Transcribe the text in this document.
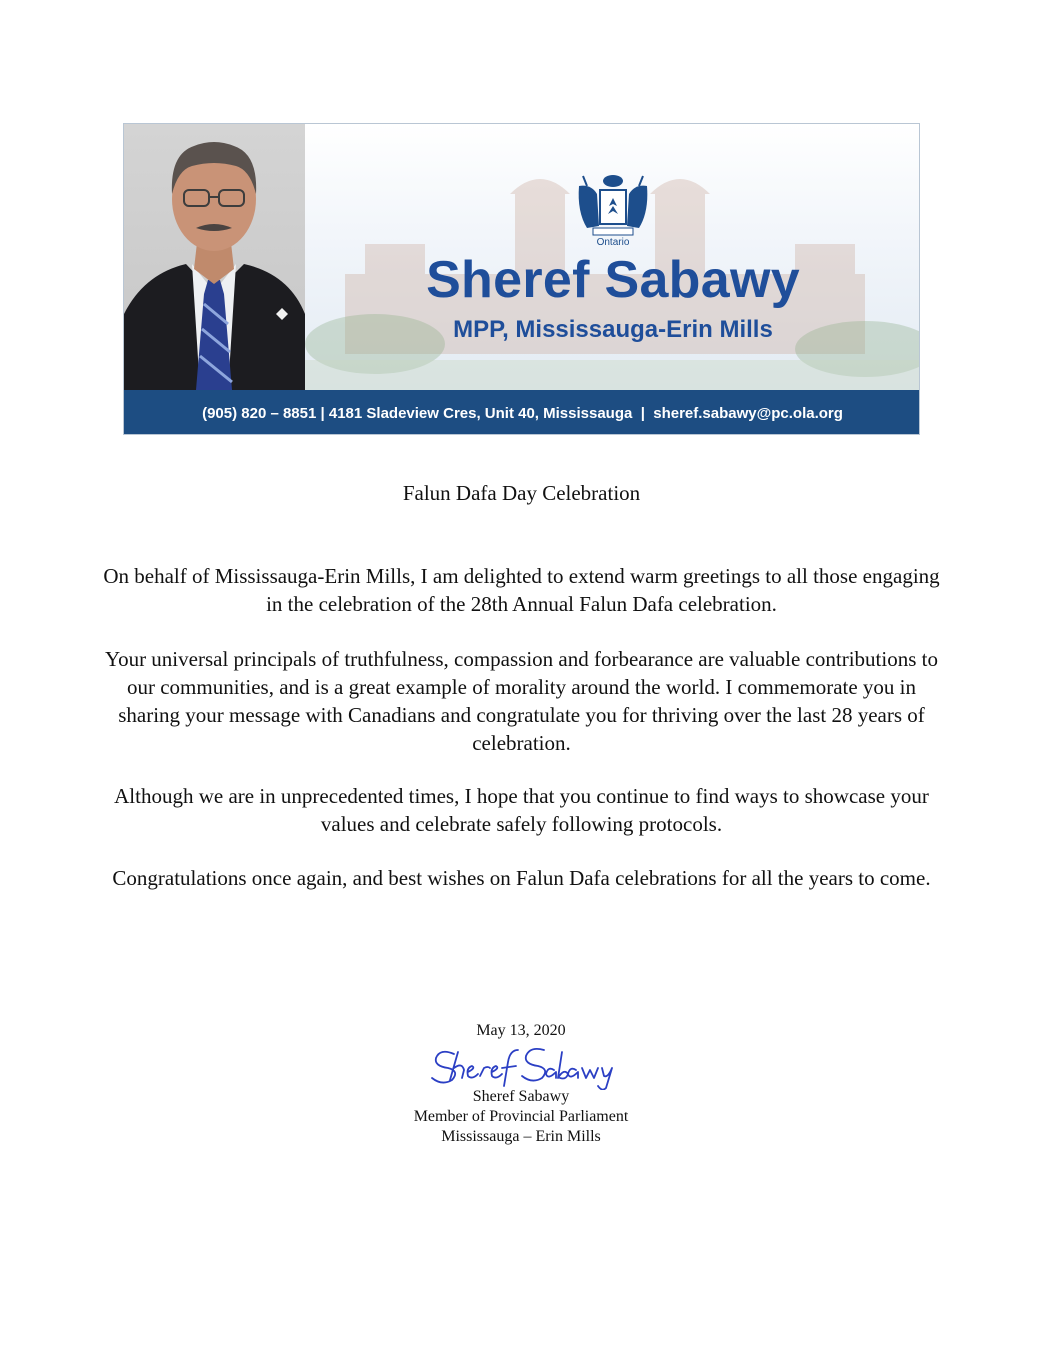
Ontario
Sheref Sabawy
MPP, Mississauga-Erin Mills
(905) 820 – 8851 | 4181 Sladeview Cres, Unit 40, Mississauga  |  sheref.sabawy@pc.ola.org
Falun Dafa Day Celebration

On behalf of Mississauga-Erin Mills, I am delighted to extend warm greetings to all those engaging in the celebration of the 28th Annual Falun Dafa celebration.

Your universal principals of truthfulness, compassion and forbearance are valuable contributions to our communities, and is a great example of morality around the world. I commemorate you in sharing your message with Canadians and congratulate you for thriving over the last 28 years of celebration.

Although we are in unprecedented times, I hope that you continue to find ways to showcase your values and celebrate safely following protocols.

Congratulations once again, and best wishes on Falun Dafa celebrations for all the years to come.

May 13, 2020
Sheref Sabawy
Member of Provincial Parliament
Mississauga – Erin Mills
